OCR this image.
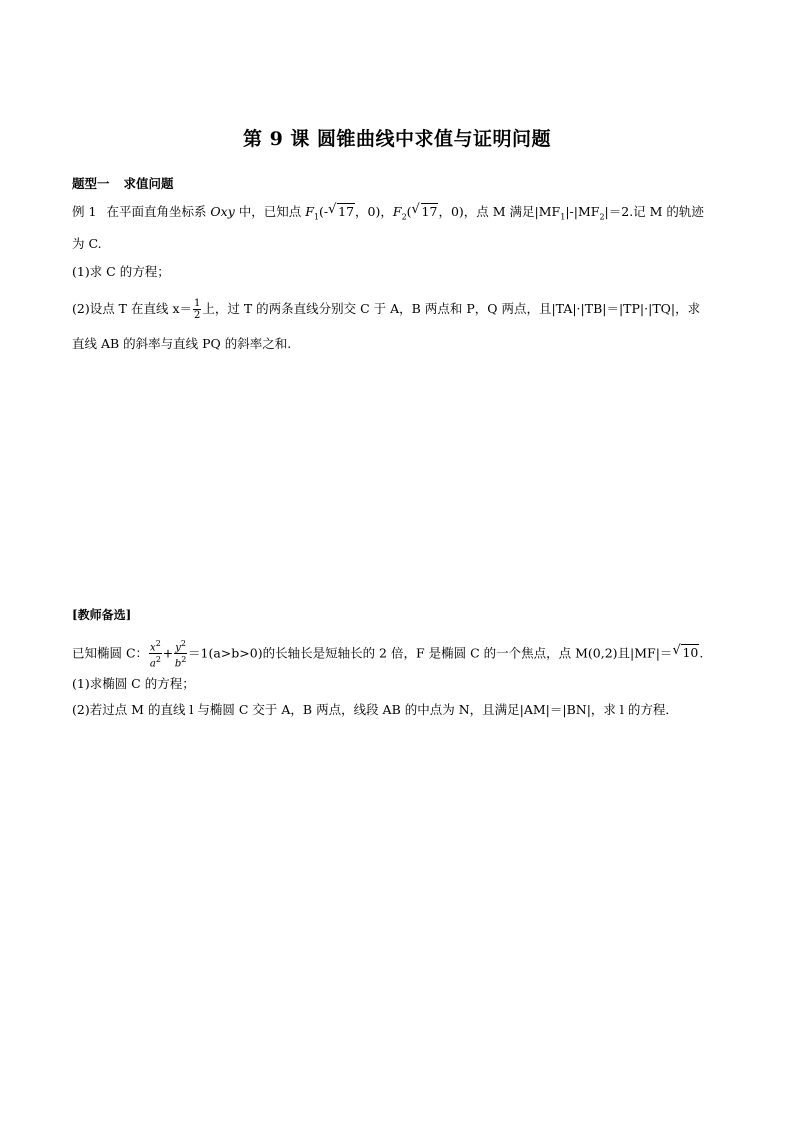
第 9 课 圆锥曲线中求值与证明问题
题型一 求值问题
例 1 在平面直角坐标系 Oxy 中，已知点 $F_1(-√$ 17，0)，$F_2(√$ 17，0)，点 M 满足$|MF_1|-|MF_2|=2$.记 M 的轨迹
为 C.
(1)求 C 的方程；
(2)设点 T 在直线 $x= \frac{1}{2}$ 上，过 T 的两条直线分别交 C 于 A，B 两点和 P，Q 两点，且|TA|·|TB|＝|TP|·|TQ|，求
直线 AB 的斜率与直线 PQ 的斜率之和.
[教师备选]
已知椭圆 C： $\frac{x^2}{a^2} + \frac{y^2}{b^2} =1(a>b>0)$的长轴长是短轴长的 2 倍，F 是椭圆 C 的一个焦点，点 M(0,2)且|MF|＝√ 10.
(1)求椭圆 C 的方程；
(2)若过点 M 的直线 l 与椭圆 C 交于 A，B 两点，线段 AB 的中点为 N，且满足|AM|＝|BN|，求 l 的方程．
